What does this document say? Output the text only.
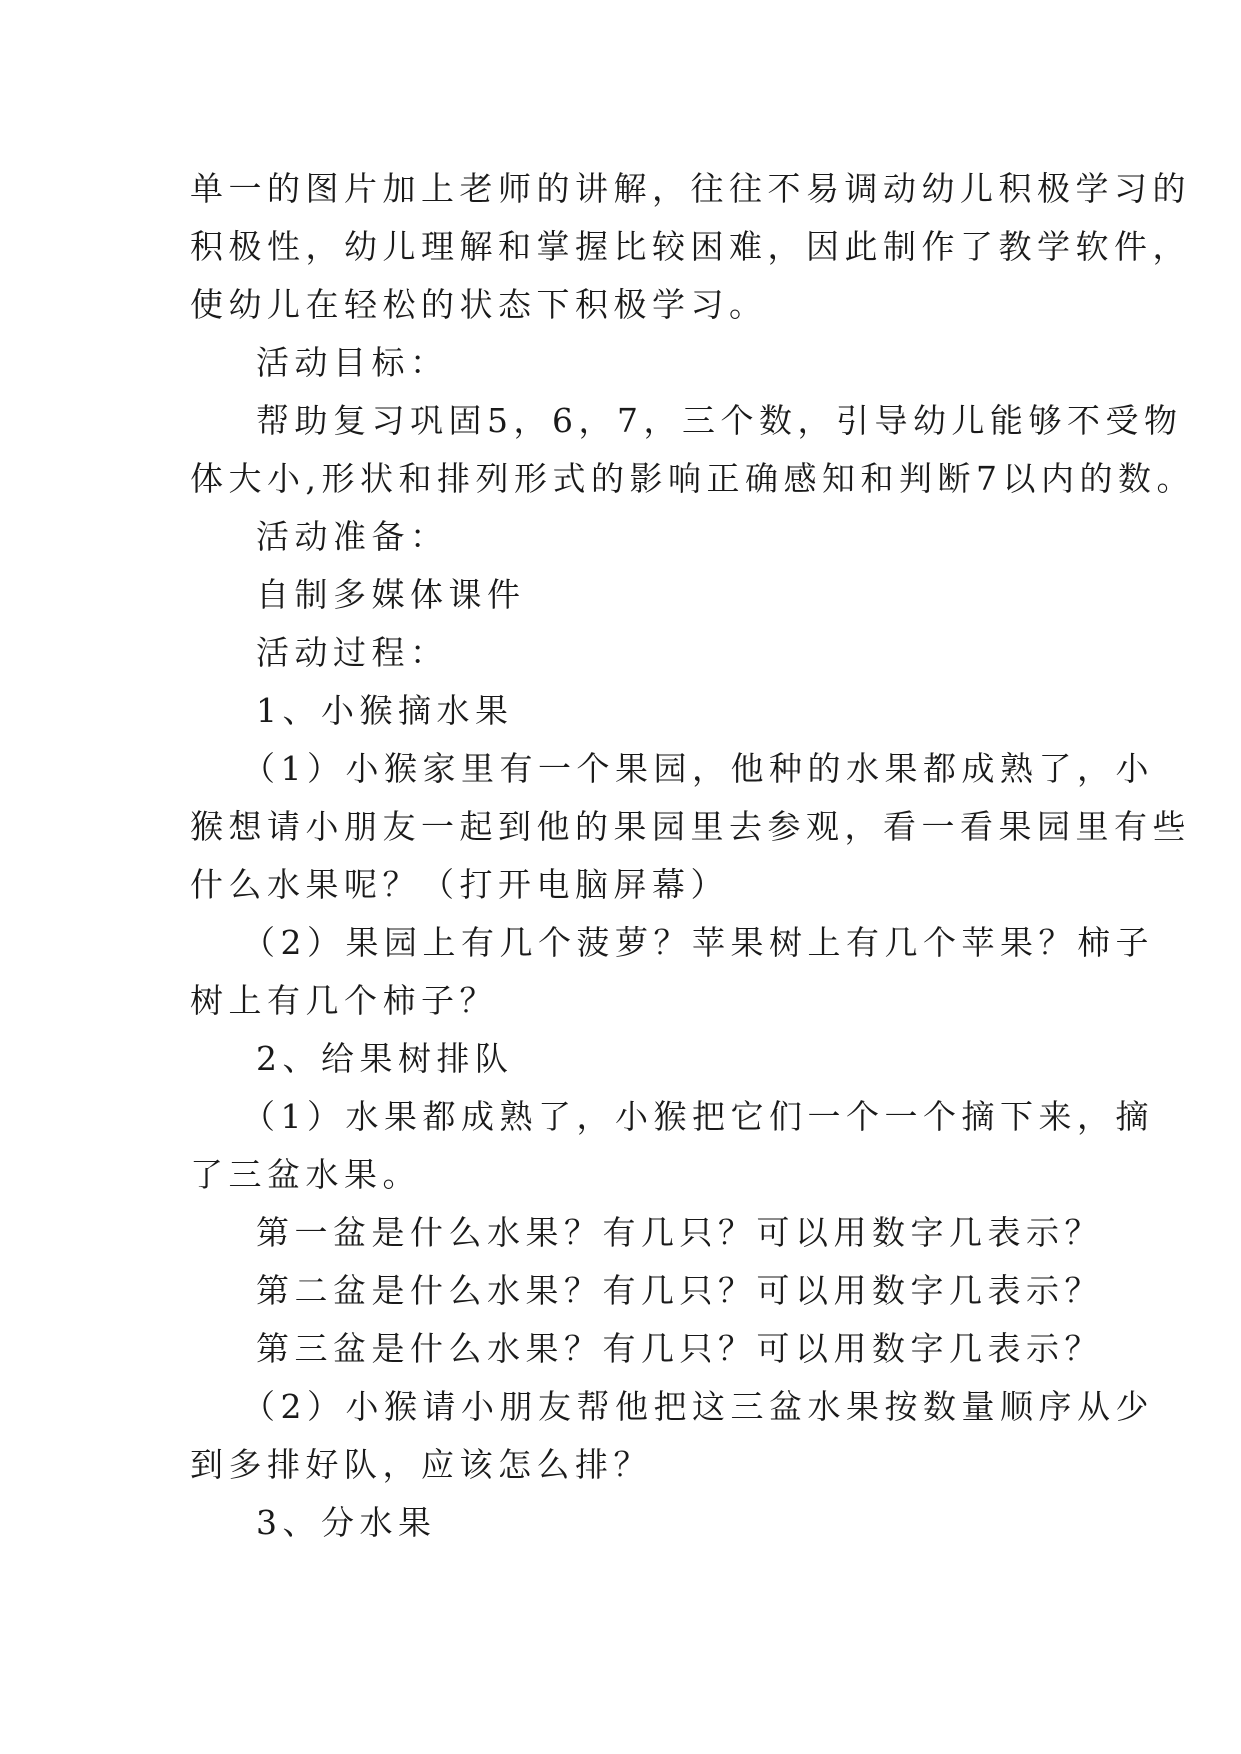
单一的图片加上老师的讲解，往往不易调动幼儿积极学习的
积极性，幼儿理解和掌握比较困难，因此制作了教学软件，
使幼儿在轻松的状态下积极学习。
活动目标：
帮助复习巩固5，6，7，三个数，引导幼儿能够不受物
体大小,形状和排列形式的影响正确感知和判断7以内的数。
活动准备：
自制多媒体课件
活动过程：
1、小猴摘水果
（1）小猴家里有一个果园，他种的水果都成熟了，小
猴想请小朋友一起到他的果园里去参观，看一看果园里有些
什么水果呢？（打开电脑屏幕）
（2）果园上有几个菠萝？苹果树上有几个苹果？柿子
树上有几个柿子？
2、给果树排队
（1）水果都成熟了，小猴把它们一个一个摘下来，摘
了三盆水果。
第一盆是什么水果？有几只？可以用数字几表示？
第二盆是什么水果？有几只？可以用数字几表示？
第三盆是什么水果？有几只？可以用数字几表示？
（2）小猴请小朋友帮他把这三盆水果按数量顺序从少
到多排好队，应该怎么排？
3、分水果
